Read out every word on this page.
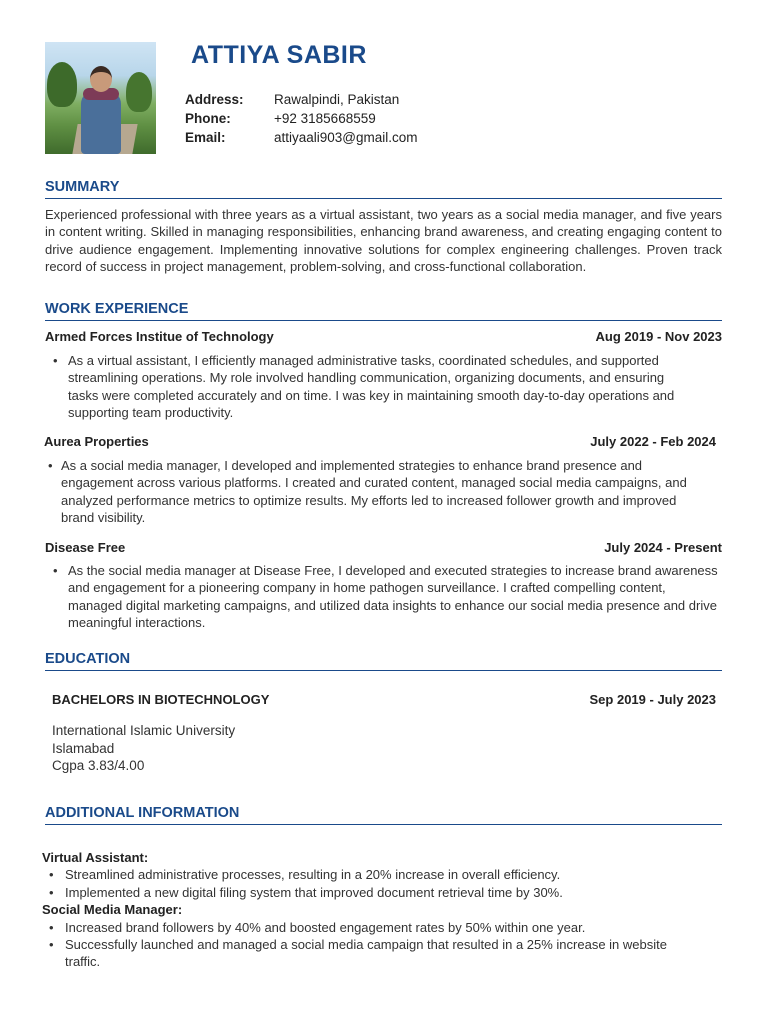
ATTIYA SABIR
Address:	Rawalpindi, Pakistan
Phone:	+92 3185668559
Email:	attiyaali903@gmail.com
SUMMARY
Experienced professional with three years as a virtual assistant, two years as a social media manager, and five years in content writing. Skilled in managing responsibilities, enhancing brand awareness, and creating engaging content to drive audience engagement. Implementing innovative solutions for complex engineering challenges. Proven track record of success in project management, problem-solving, and cross-functional collaboration.
WORK EXPERIENCE
Armed Forces Institue of Technology	Aug 2019 - Nov 2023
• As a virtual assistant, I efficiently managed administrative tasks, coordinated schedules, and supported streamlining operations. My role involved handling communication, organizing documents, and ensuring tasks were completed accurately and on time. I was key in maintaining smooth day-to-day operations and supporting team productivity.
Aurea Properties	July 2022 - Feb 2024
• As a social media manager, I developed and implemented strategies to enhance brand presence and engagement across various platforms. I created and curated content, managed social media campaigns, and analyzed performance metrics to optimize results. My efforts led to increased follower growth and improved brand visibility.
Disease Free	July 2024 - Present
• As the social media manager at Disease Free, I developed and executed strategies to increase brand awareness and engagement for a pioneering company in home pathogen surveillance. I crafted compelling content, managed digital marketing campaigns, and utilized data insights to enhance our social media presence and drive meaningful interactions.
EDUCATION
BACHELORS IN BIOTECHNOLOGY	Sep 2019 - July 2023
International Islamic University
Islamabad
Cgpa 3.83/4.00
ADDITIONAL INFORMATION
Virtual Assistant:
• Streamlined administrative processes, resulting in a 20% increase in overall efficiency.
• Implemented a new digital filing system that improved document retrieval time by 30%.
Social Media Manager:
• Increased brand followers by 40% and boosted engagement rates by 50% within one year.
• Successfully launched and managed a social media campaign that resulted in a 25% increase in website traffic.
